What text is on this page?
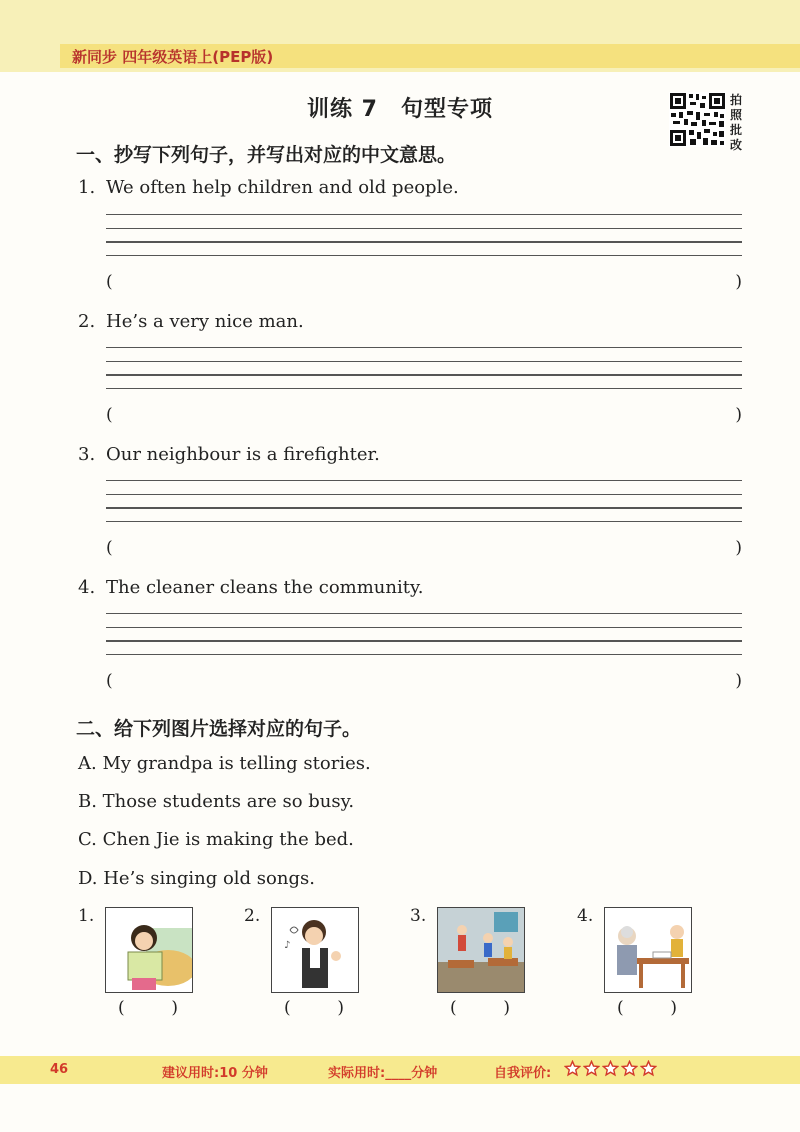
新同步 四年级英语上(PEP版)
训练 7　句型专项	拍照批改
一、抄写下列句子，并写出对应的中文意思。
1. We often help children and old people.
(	)
2. He’s a very nice man.
(	)
3. Our neighbour is a firefighter.
(	)
4. The cleaner cleans the community.
(	)
二、给下列图片选择对应的句子。
A. My grandpa is telling stories.
B. Those students are so busy.
C. Chen Jie is making the bed.
D. He’s singing old songs.
1.
(	)
2.
♪
(	)
3.
(	)
4.
(	)
46	建议用时:10 分钟	实际用时:____分钟	自我评价:
